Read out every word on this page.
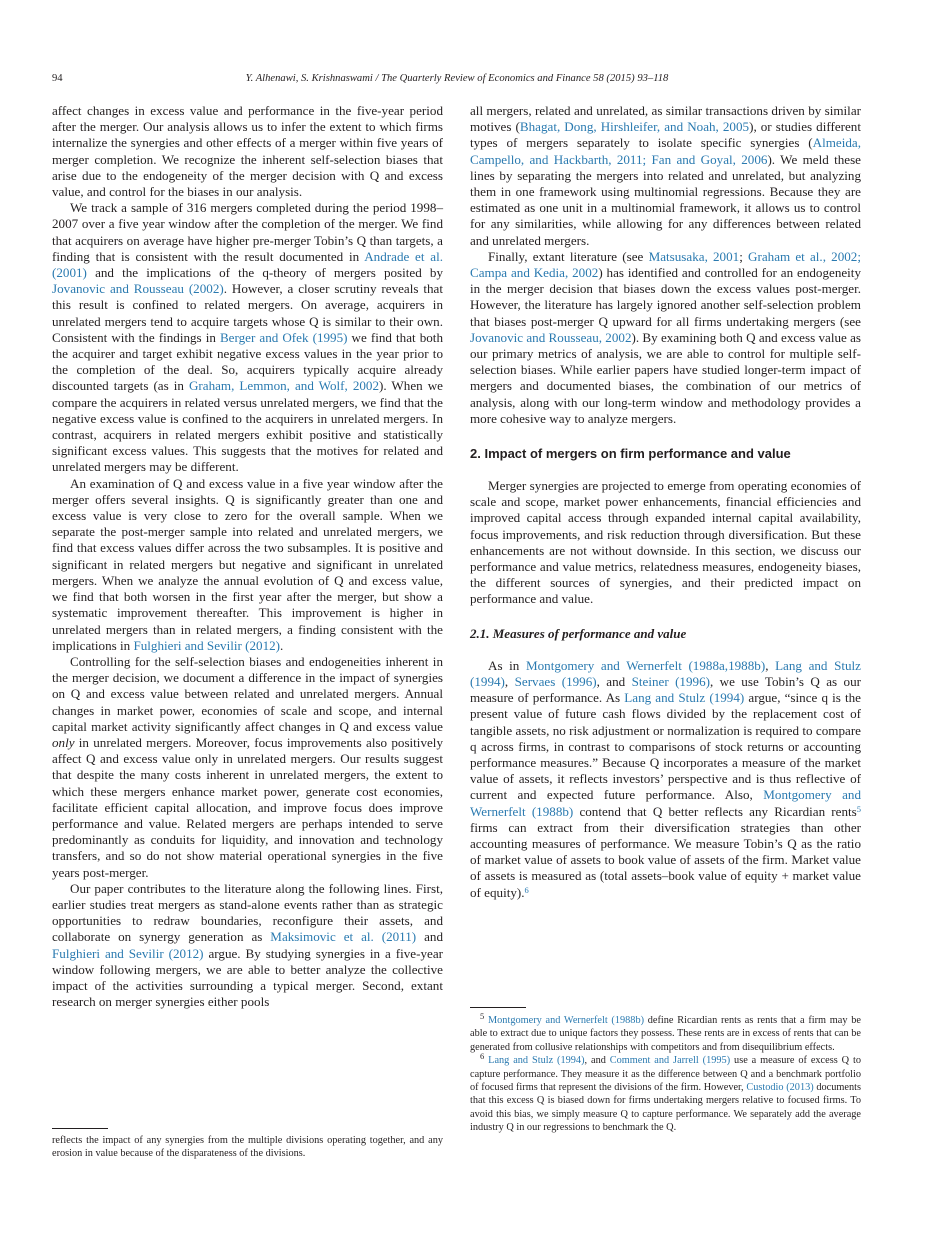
94	Y. Alhenawi, S. Krishnaswami / The Quarterly Review of Economics and Finance 58 (2015) 93–118

affect changes in excess value and performance in the five-year period after the merger. Our analysis allows us to infer the extent to which firms internalize the synergies and other effects of a merger within five years of merger completion. We recognize the inherent self-selection biases that arise due to the endogeneity of the merger decision with Q and excess value, and control for the biases in our analysis.

We track a sample of 316 mergers completed during the period 1998–2007 over a five year window after the completion of the merger. We find that acquirers on average have higher pre-merger Tobin’s Q than targets, a finding that is consistent with the result documented in Andrade et al. (2001) and the implications of the q-theory of mergers posited by Jovanovic and Rousseau (2002). However, a closer scrutiny reveals that this result is confined to related mergers. On average, acquirers in unrelated mergers tend to acquire targets whose Q is similar to their own. Consistent with the findings in Berger and Ofek (1995) we find that both the acquirer and target exhibit negative excess values in the year prior to the completion of the deal. So, acquirers typically acquire already discounted targets (as in Graham, Lemmon, and Wolf, 2002). When we compare the acquirers in related versus unrelated mergers, we find that the negative excess value is confined to the acquirers in unrelated mergers. In contrast, acquirers in related mergers exhibit positive and statistically significant excess values. This suggests that the motives for related and unrelated mergers may be different.

An examination of Q and excess value in a five year window after the merger offers several insights. Q is significantly greater than one and excess value is very close to zero for the overall sample. When we separate the post-merger sample into related and unrelated mergers, we find that excess values differ across the two subsamples. It is positive and significant in related mergers but negative and significant in unrelated mergers. When we analyze the annual evolution of Q and excess value, we find that both worsen in the first year after the merger, but show a systematic improvement thereafter. This improvement is higher in unrelated mergers than in related mergers, a finding consistent with the implications in Fulghieri and Sevilir (2012).

Controlling for the self-selection biases and endogeneities inherent in the merger decision, we document a difference in the impact of synergies on Q and excess value between related and unrelated mergers. Annual changes in market power, economies of scale and scope, and internal capital market activity significantly affect changes in Q and excess value only in unrelated mergers. Moreover, focus improvements also positively affect Q and excess value only in unrelated mergers. Our results suggest that despite the many costs inherent in unrelated mergers, the extent to which these mergers enhance market power, generate cost economies, facilitate efficient capital allocation, and improve focus does improve performance and value. Related mergers are perhaps intended to serve predominantly as conduits for liquidity, and innovation and technology transfers, and so do not show material operational synergies in the five years post-merger.

Our paper contributes to the literature along the following lines. First, earlier studies treat mergers as stand-alone events rather than as strategic opportunities to redraw boundaries, reconfigure their assets, and collaborate on synergy generation as Maksimovic et al. (2011) and Fulghieri and Sevilir (2012) argue. By studying synergies in a five-year window following mergers, we are able to better analyze the collective impact of the activities surrounding a typical merger. Second, extant research on merger synergies either pools

reflects the impact of any synergies from the multiple divisions operating together, and any erosion in value because of the disparateness of the divisions.

all mergers, related and unrelated, as similar transactions driven by similar motives (Bhagat, Dong, Hirshleifer, and Noah, 2005), or studies different types of mergers separately to isolate specific synergies (Almeida, Campello, and Hackbarth, 2011; Fan and Goyal, 2006). We meld these lines by separating the mergers into related and unrelated, but analyzing them in one framework using multinomial regressions. Because they are estimated as one unit in a multinomial framework, it allows us to control for any similarities, while allowing for any differences between related and unrelated mergers.

Finally, extant literature (see Matsusaka, 2001; Graham et al., 2002; Campa and Kedia, 2002) has identified and controlled for an endogeneity in the merger decision that biases down the excess values post-merger. However, the literature has largely ignored another self-selection problem that biases post-merger Q upward for all firms undertaking mergers (see Jovanovic and Rousseau, 2002). By examining both Q and excess value as our primary metrics of analysis, we are able to control for multiple self-selection biases. While earlier papers have studied longer-term impact of mergers and documented biases, the combination of our metrics of analysis, along with our long-term window and methodology provides a more cohesive way to analyze mergers.

2. Impact of mergers on firm performance and value

Merger synergies are projected to emerge from operating economies of scale and scope, market power enhancements, financial efficiencies and improved capital access through expanded internal capital availability, focus improvements, and risk reduction through diversification. But these enhancements are not without downside. In this section, we discuss our performance and value metrics, relatedness measures, endogeneity biases, the different sources of synergies, and their predicted impact on performance and value.

2.1. Measures of performance and value

As in Montgomery and Wernerfelt (1988a,1988b), Lang and Stulz (1994), Servaes (1996), and Steiner (1996), we use Tobin’s Q as our measure of performance. As Lang and Stulz (1994) argue, “since q is the present value of future cash flows divided by the replacement cost of tangible assets, no risk adjustment or normalization is required to compare q across firms, in contrast to comparisons of stock returns or accounting performance measures.” Because Q incorporates a measure of the market value of assets, it reflects investors’ perspective and is thus reflective of current and expected future performance. Also, Montgomery and Wernerfelt (1988b) contend that Q better reflects any Ricardian rents$^5$ firms can extract from their diversification strategies than other accounting measures of performance. We measure Tobin’s Q as the ratio of market value of assets to book value of assets of the firm. Market value of assets is measured as (total assets–book value of equity + market value of equity).$^6$

$^5$ Montgomery and Wernerfelt (1988b) define Ricardian rents as rents that a firm may be able to extract due to unique factors they possess. These rents are in excess of rents that can be generated from collusive relationships with competitors and from disequilibrium effects.

$^6$ Lang and Stulz (1994), and Comment and Jarrell (1995) use a measure of excess Q to capture performance. They measure it as the difference between Q and a benchmark portfolio of focused firms that represent the divisions of the firm. However, Custodio (2013) documents that this excess Q is biased down for firms undertaking mergers relative to focused firms. To avoid this bias, we simply measure Q to capture performance. We separately add the average industry Q in our regressions to benchmark the Q.
